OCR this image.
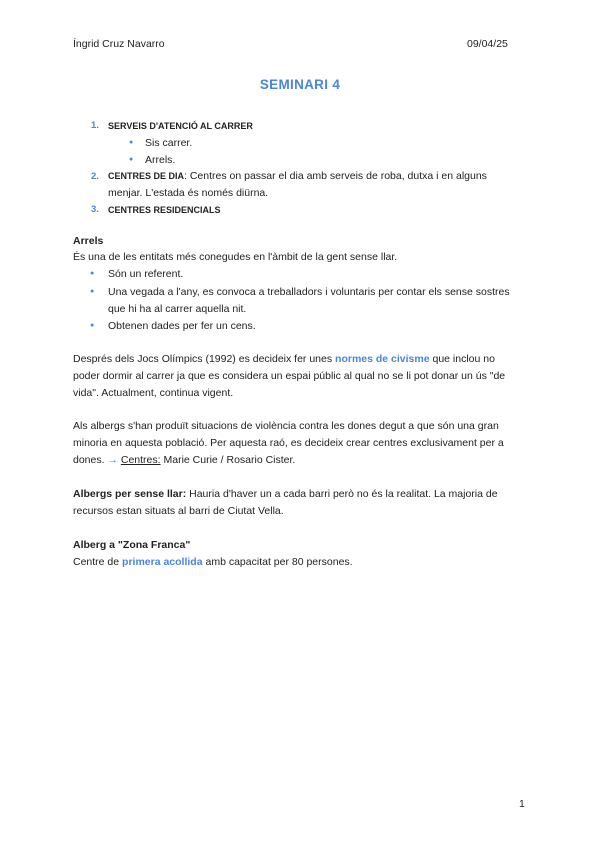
Íngrid Cruz Navarro	09/04/25
SEMINARI 4
1. SERVEIS D'ATENCIÓ AL CARRER
● Sis carrer.
● Arrels.
2. CENTRES DE DIA: Centres on passar el dia amb serveis de roba, dutxa i en alguns
menjar. L'estada és només diürna.
3. CENTRES RESIDENCIALS
Arrels
És una de les entitats més conegudes en l'àmbit de la gent sense llar.
● Són un referent.
● Una vegada a l'any, es convoca a treballadors i voluntaris per contar els sense sostres
que hi ha al carrer aquella nit.
● Obtenen dades per fer un cens.
Després dels Jocs Olímpics (1992) es decideix fer unes normes de civisme que inclou no
poder dormir al carrer ja que es considera un espai públic al qual no se li pot donar un ús "de
vida". Actualment, continua vigent.
Als albergs s'han produït situacions de violència contra les dones degut a que són una gran
minoria en aquesta població. Per aquesta raó, es decideix crear centres exclusivament per a
dones. → Centres: Marie Curie / Rosario Cister.
Albergs per sense llar: Hauria d'haver un a cada barri però no és la realitat. La majoria de
recursos estan situats al barri de Ciutat Vella.
Alberg a "Zona Franca"
Centre de primera acollida amb capacitat per 80 persones.
1
